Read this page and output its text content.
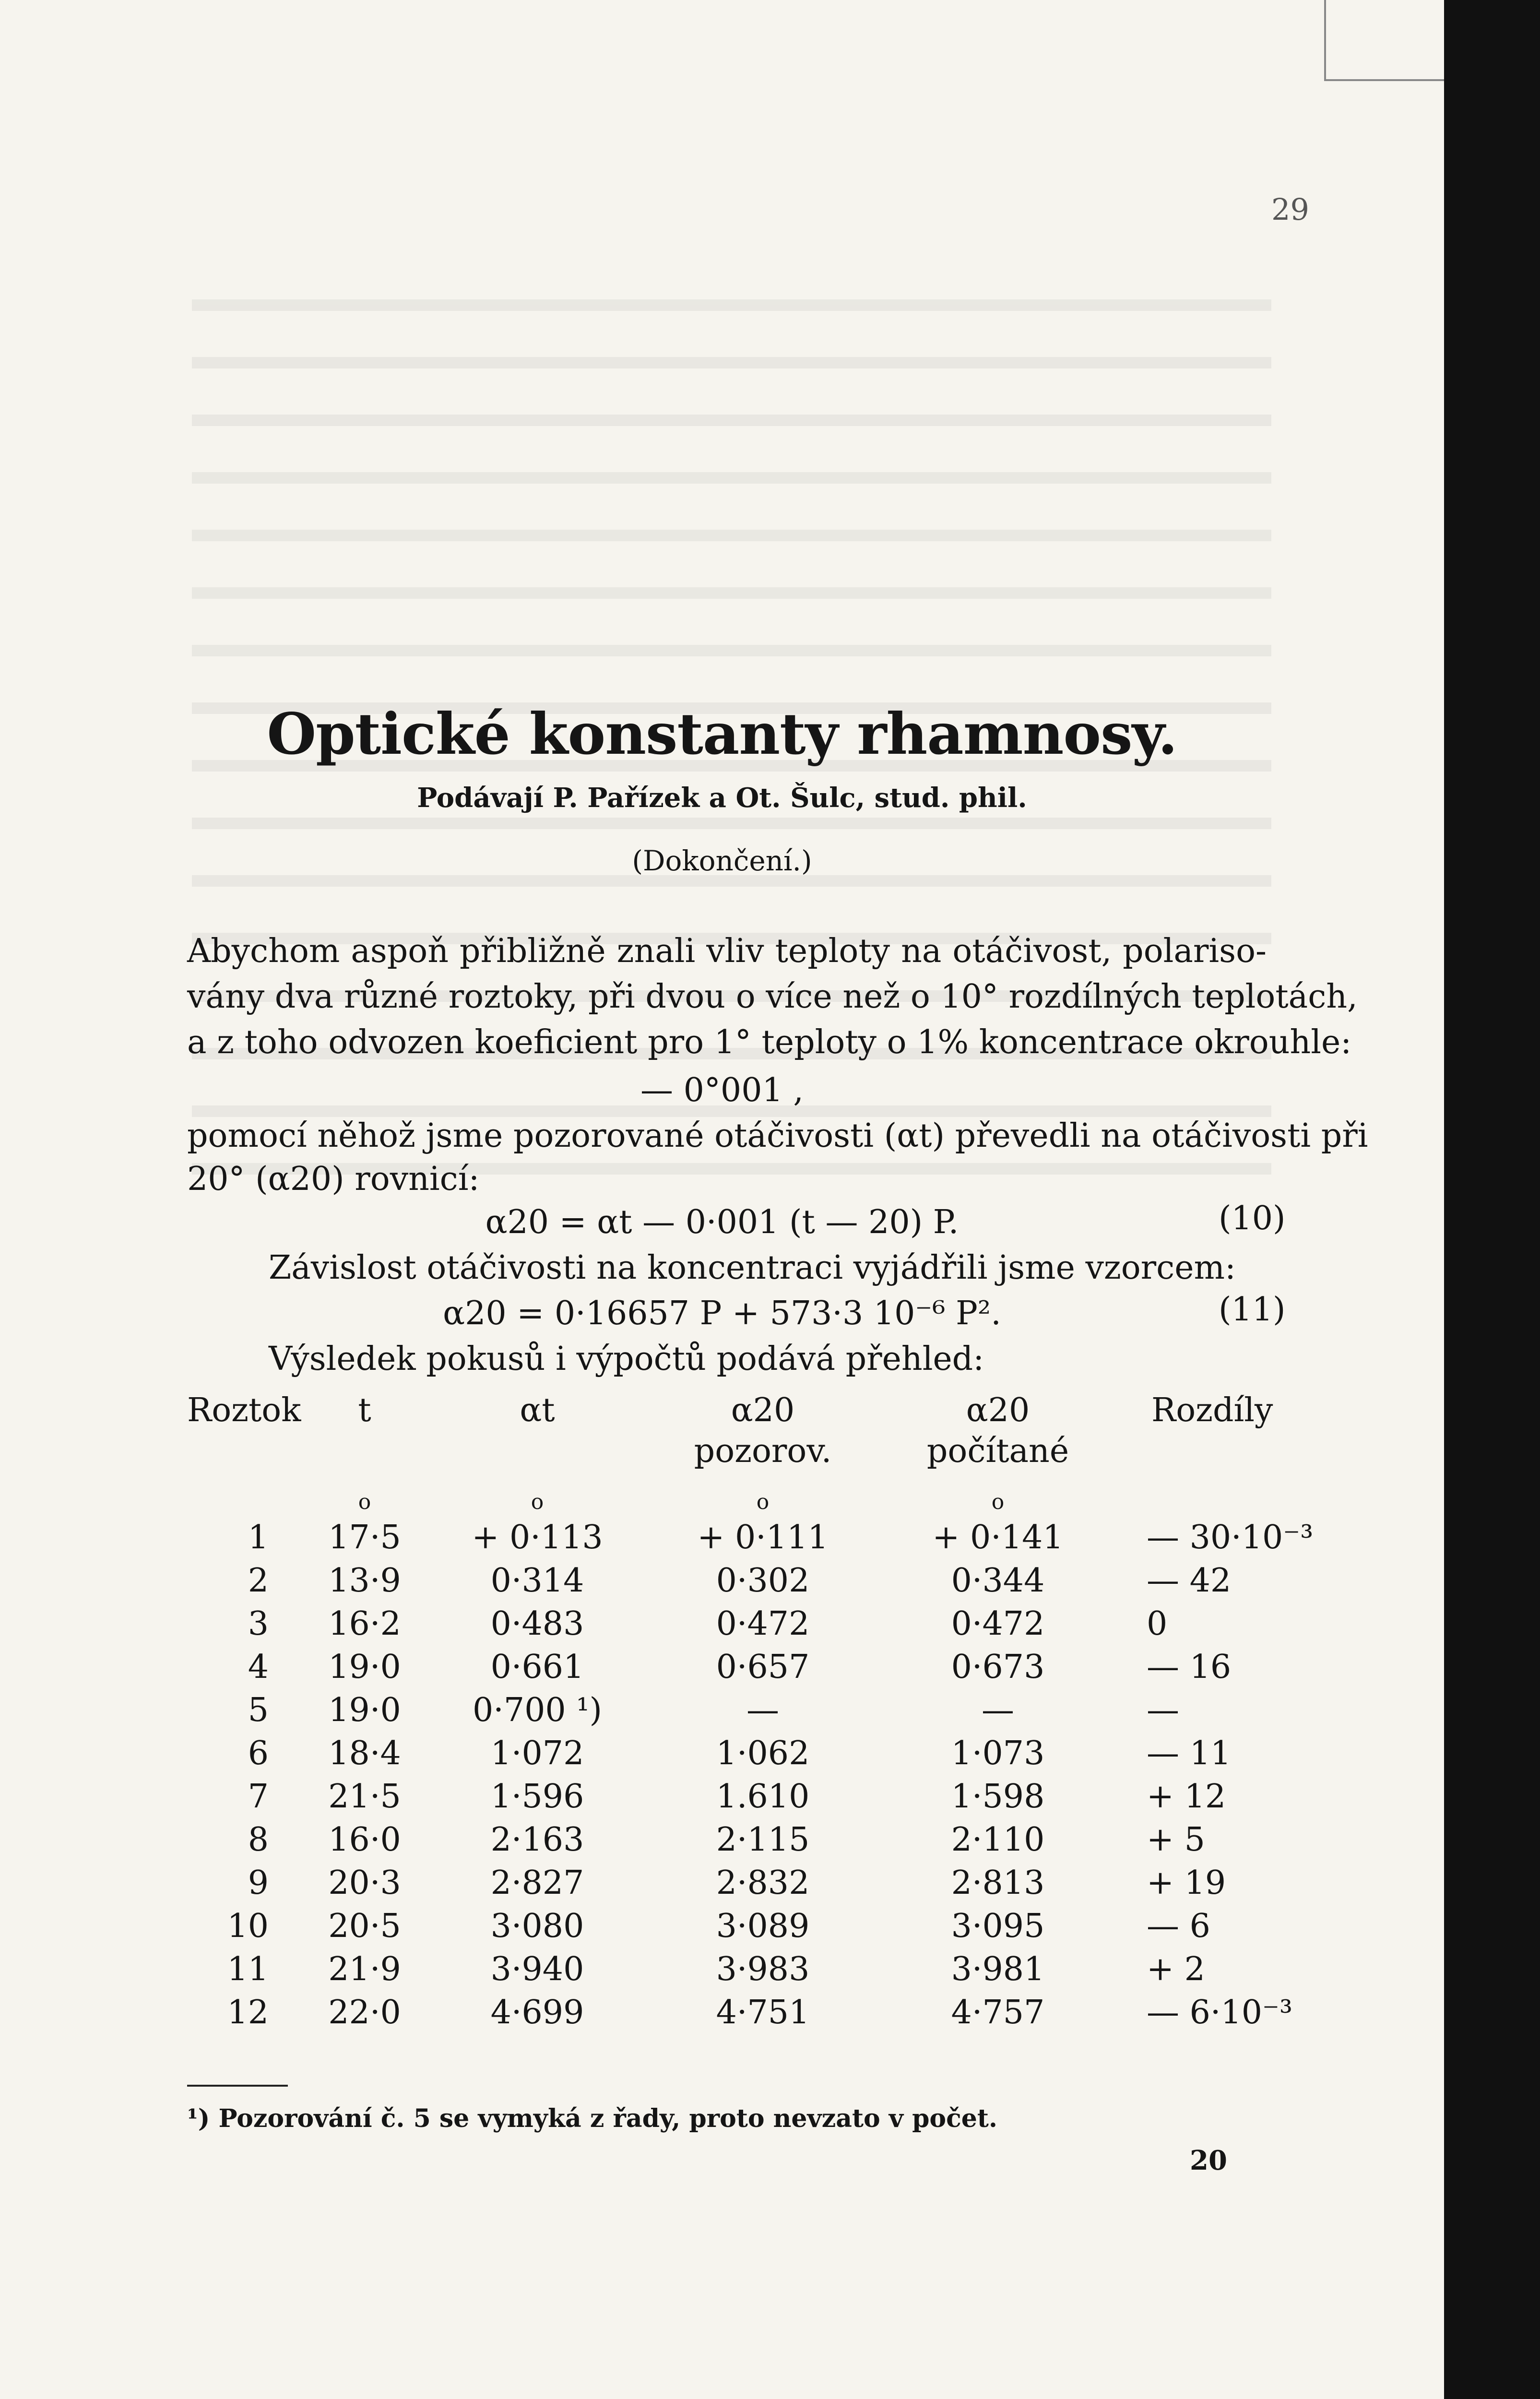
29
Optické konstanty rhamnosy.
Podávají P. Pařízek a Ot. Šulc, stud. phil.
(Dokončení.)
Abychom aspoň přibližně znali vliv teploty na otáčivost, polariso-
vány dva různé roztoky, při dvou o více než o 10° rozdílných teplotách,
a z toho odvozen koeficient pro 1° teploty o 1% koncentrace okrouhle:
— 0°001 ,
pomocí něhož jsme pozorované otáčivosti (αt) převedli na otáčivosti při
20° (α20) rovnicí:
α20 = αt — 0·001 (t — 20) P.	(10)
Závislost otáčivosti na koncentraci vyjádřili jsme vzorcem:
α20 = 0·16657 P + 573·3 10⁻⁶ P².	(11)
Výsledek pokusů i výpočtů podává přehled:
Roztok	t	αt	α20	α20	Rozdíly
pozorov.	počítané
o	o	o	o
1	17·5	+ 0·113	+ 0·111	+ 0·141	— 30·10⁻³
2	13·9	0·314	0·302	0·344	— 42
3	16·2	0·483	0·472	0·472	0
4	19·0	0·661	0·657	0·673	— 16
5	19·0	0·700 ¹)	—	—	—
6	18·4	1·072	1·062	1·073	— 11
7	21·5	1·596	1.610	1·598	+ 12
8	16·0	2·163	2·115	2·110	+ 5
9	20·3	2·827	2·832	2·813	+ 19
10	20·5	3·080	3·089	3·095	— 6
11	21·9	3·940	3·983	3·981	+ 2
12	22·0	4·699	4·751	4·757	— 6·10⁻³
¹) Pozorování č. 5 se vymyká z řady, proto nevzato v počet.
20
